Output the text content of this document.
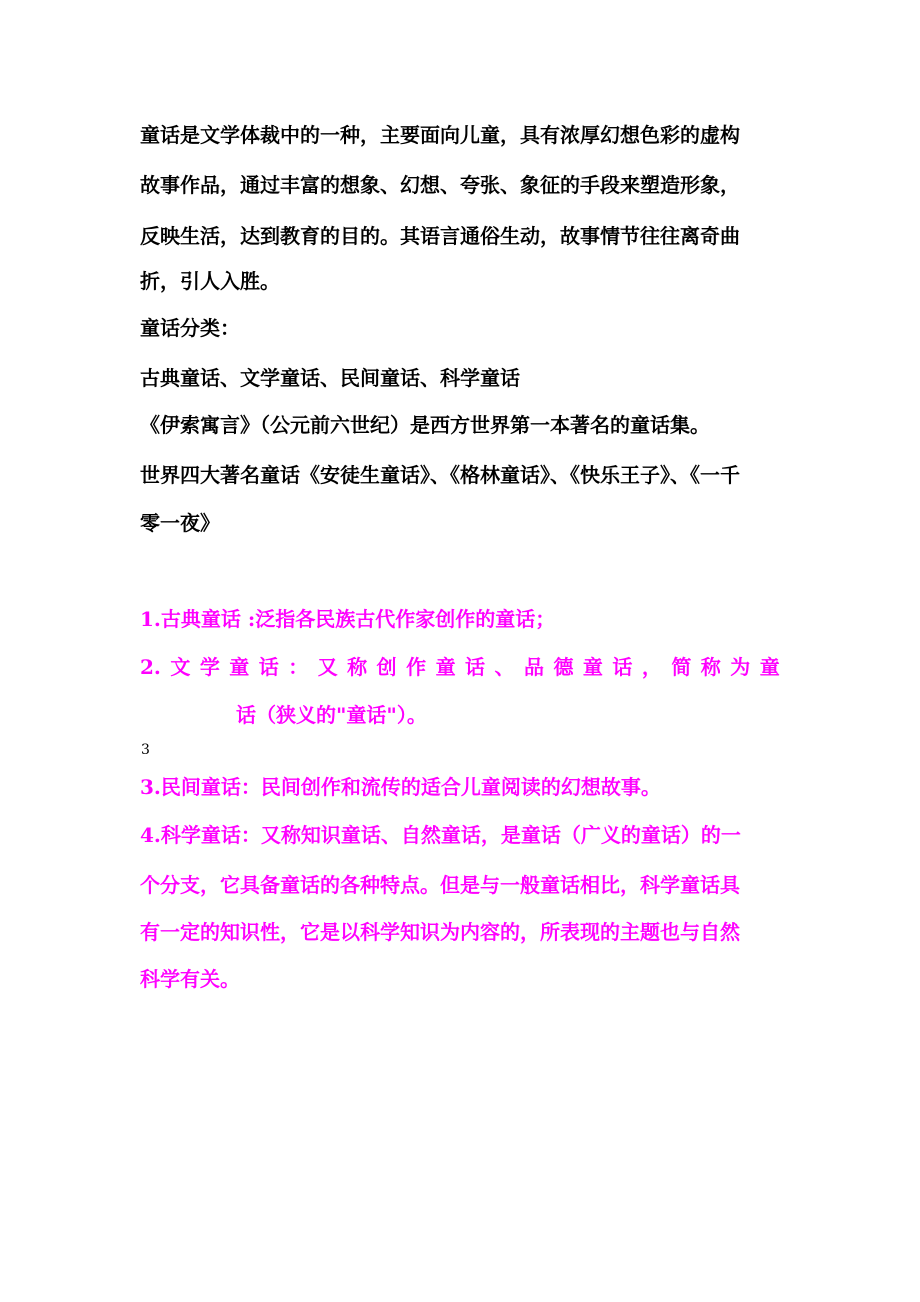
童话是文学体裁中的一种，主要面向儿童，具有浓厚幻想色彩的虚构

故事作品，通过丰富的想象、幻想、夸张、象征的手段来塑造形象，

反映生活，达到教育的目的。其语言通俗生动，故事情节往往离奇曲

折，引人入胜。

童话分类：

古典童话、文学童话、民间童话、科学童话

《伊索寓言》（公元前六世纪）是西方世界第一本著名的童话集。

世界四大著名童话《安徒生童话》、《格林童话》、《快乐王子》、《一千

零一夜》

1.古典童话 :泛指各民族古代作家创作的童话；

2. 文 学 童 话 ： 又 称 创 作 童 话 、 品 德 童 话 ， 简 称 为 童

话（狭义的"童话"）。

3

3.民间童话：民间创作和流传的适合儿童阅读的幻想故事。

4.科学童话：又称知识童话、自然童话，是童话（广义的童话）的一

个分支，它具备童话的各种特点。但是与一般童话相比，科学童话具

有一定的知识性，它是以科学知识为内容的，所表现的主题也与自然

科学有关。
